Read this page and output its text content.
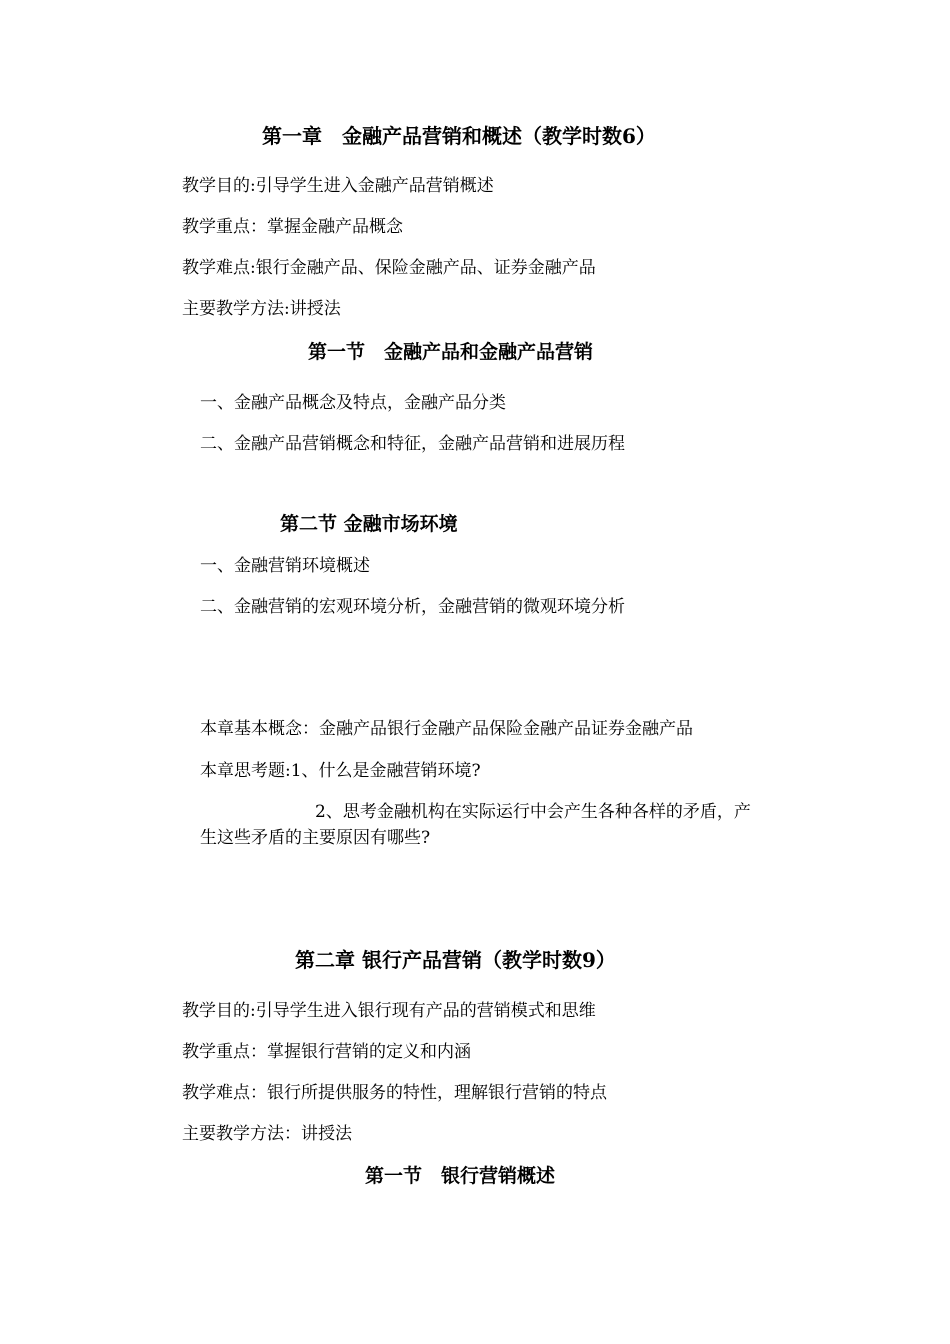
第一章　金融产品营销和概述（教学时数6）
教学目的:引导学生进入金融产品营销概述
教学重点：掌握金融产品概念
教学难点:银行金融产品、保险金融产品、证券金融产品
主要教学方法:讲授法
第一节　金融产品和金融产品营销
一、金融产品概念及特点，金融产品分类
二、金融产品营销概念和特征，金融产品营销和进展历程
第二节 金融市场环境
一、金融营销环境概述
二、金融营销的宏观环境分析，金融营销的微观环境分析
本章基本概念：金融产品银行金融产品保险金融产品证券金融产品
本章思考题:1、什么是金融营销环境?
2、思考金融机构在实际运行中会产生各种各样的矛盾，产
生这些矛盾的主要原因有哪些?
第二章 银行产品营销（教学时数9）
教学目的:引导学生进入银行现有产品的营销模式和思维
教学重点：掌握银行营销的定义和内涵
教学难点：银行所提供服务的特性，理解银行营销的特点
主要教学方法：讲授法
第一节　银行营销概述
